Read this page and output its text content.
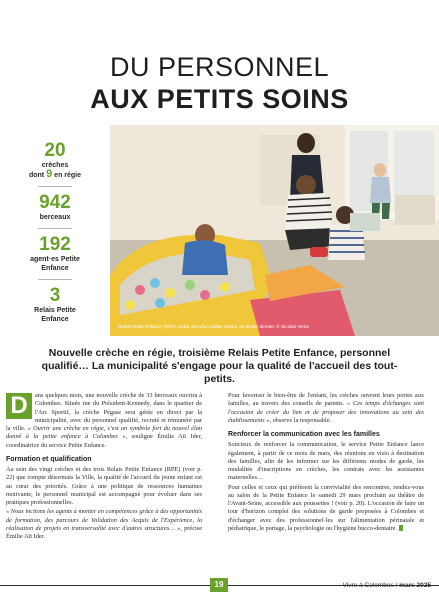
DU PERSONNEL
AUX PETITS SOINS
20
crèches
dont 9 en régie
942
berceaux
192
agent·es Petite
Enfance
3
Relais Petite
Enfance
Relais Petite Enfance (RPE) Audra, lors d'un atelier d'éveil, en février dernier. © Nicolas Vieira
Nouvelle crèche en régie, troisième Relais Petite Enfance, personnel qualifié… La municipalité s'engage pour la qualité de l'accueil des tout-petits.

D	ans quelques mois, une nouvelle crèche de 33 berceaux ouvrira à Colombes. Située rue du Président-Kennedy, dans le quartier de l'Arc Sportif, la crèche Pégase sera gérée en direct par la municipalité, avec du personnel qualifié, recruté et rémunéré par la ville. « Ouvrir une crèche en régie, c'est un symbole fort du nouvel élan donné à la petite enfance à Colombes », souligne Émilie Aït Ider, coordinatrice du service Petite Enfance.

Formation et qualification

Au sein des vingt crèches et des trois Relais Petite Enfance (RPE) (voir p. 22) que compte désormais la Ville, la qualité de l'accueil du jeune enfant est au cœur des priorités. Grâce à une politique de ressources humaines motivante, le personnel municipal est accompagné pour évoluer dans ses pratiques professionnelles.

« Nous incitons les agents à monter en compétences grâce à des opportunités de formation, des parcours de Validation des Acquis de l'Expérience, la réalisation de projets en transversalité avec d'autres structures… », précise Émilie Aït Ider.

Pour favoriser le bien-être de l'enfant, les crèches ouvrent leurs portes aux familles, au travers des conseils de parents. « Ces temps d'échanges sont l'occasion de créer du lien et de proposer des innovations au sein des établissements », observe la responsable.

Renforcer la communication avec les familles

Soucieux de renforcer la communication, le service Petite Enfance lance également, à partir de ce mois de mars, des réunions en visio à destination des familles, afin de les informer sur les différents modes de garde, les modalités d'inscriptions en crèches, les contrats avec les assistantes maternelles…

Pour celles et ceux qui préfèrent la convivialité des rencontres, rendez-vous au salon de la Petite Enfance le samedi 29 mars prochain au théâtre de l'Avant-Seine, accessible aux poussettes ! (voir p. 20). L'occasion de faire un tour d'horizon complet des solutions de garde proposées à Colombes et d'échanger avec des professionnel·les sur l'alimentation périnatale et pédiatrique, le portage, la psychologie ou l'hygiène bucco-dentaire.

19	Vivre à Colombes / mars 2025
